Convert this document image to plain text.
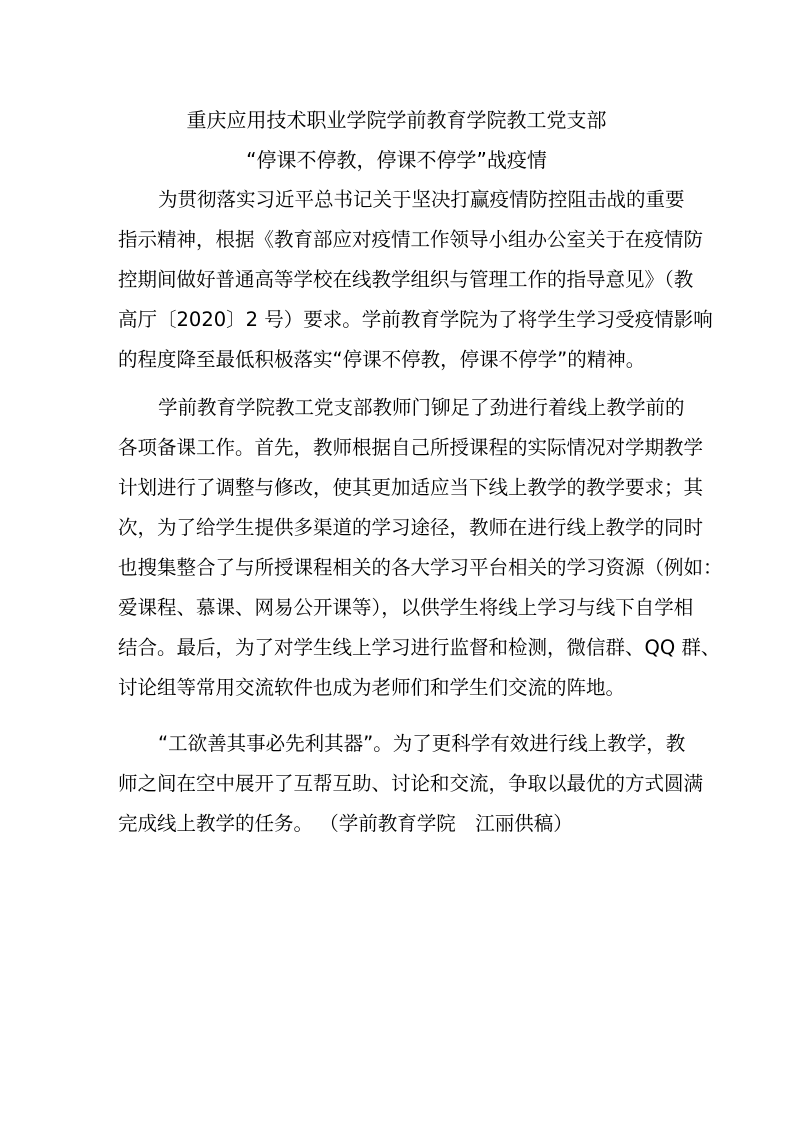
重庆应用技术职业学院学前教育学院教工党支部
“停课不停教，停课不停学”战疫情
为贯彻落实习近平总书记关于坚决打赢疫情防控阻击战的重要
指示精神，根据《教育部应对疫情工作领导小组办公室关于在疫情防
控期间做好普通高等学校在线教学组织与管理工作的指导意见》（教
高厅〔2020〕2 号）要求。学前教育学院为了将学生学习受疫情影响
的程度降至最低积极落实“停课不停教，停课不停学”的精神。
学前教育学院教工党支部教师门铆足了劲进行着线上教学前的
各项备课工作。首先，教师根据自己所授课程的实际情况对学期教学
计划进行了调整与修改，使其更加适应当下线上教学的教学要求；其
次，为了给学生提供多渠道的学习途径，教师在进行线上教学的同时
也搜集整合了与所授课程相关的各大学习平台相关的学习资源（例如：
爱课程、慕课、网易公开课等），以供学生将线上学习与线下自学相
结合。最后，为了对学生线上学习进行监督和检测，微信群、QQ 群、
讨论组等常用交流软件也成为老师们和学生们交流的阵地。
“工欲善其事必先利其器”。为了更科学有效进行线上教学，教
师之间在空中展开了互帮互助、讨论和交流，争取以最优的方式圆满
完成线上教学的任务。 （学前教育学院　江丽供稿）
